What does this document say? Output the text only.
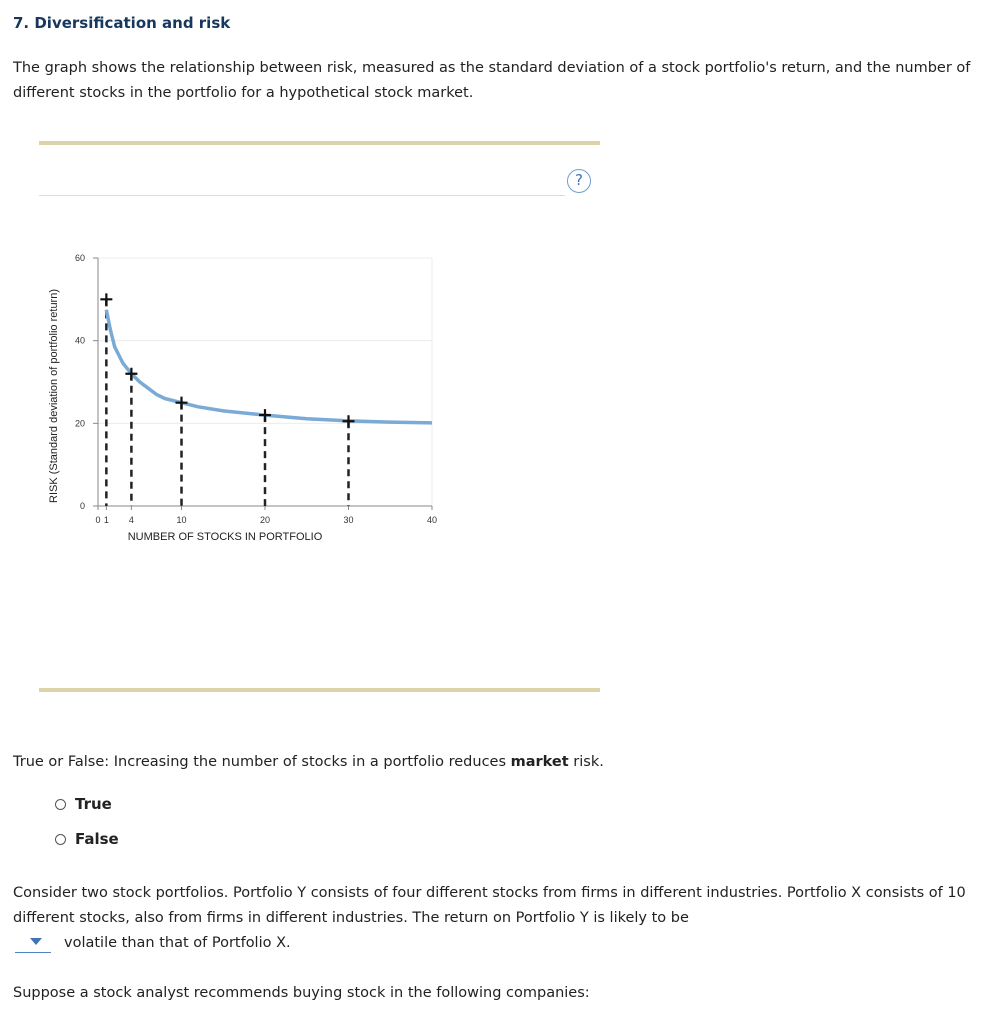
7. Diversification and risk

The graph shows the relationship between risk, measured as the standard deviation of a stock portfolio's return, and the number of different stocks in the portfolio for a hypothetical stock market.

?
0
20
40
60
0 1 4	10	20	30	40
NUMBER OF STOCKS IN PORTFOLIO
RISK (Standard deviation of portfolio return)

True or False: Increasing the number of stocks in a portfolio reduces market risk.

True
False

Consider two stock portfolios. Portfolio Y consists of four different stocks from firms in different industries. Portfolio X consists of 10 different stocks, also from firms in different industries. The return on Portfolio Y is likely to be

volatile than that of Portfolio X.

Suppose a stock analyst recommends buying stock in the following companies:
